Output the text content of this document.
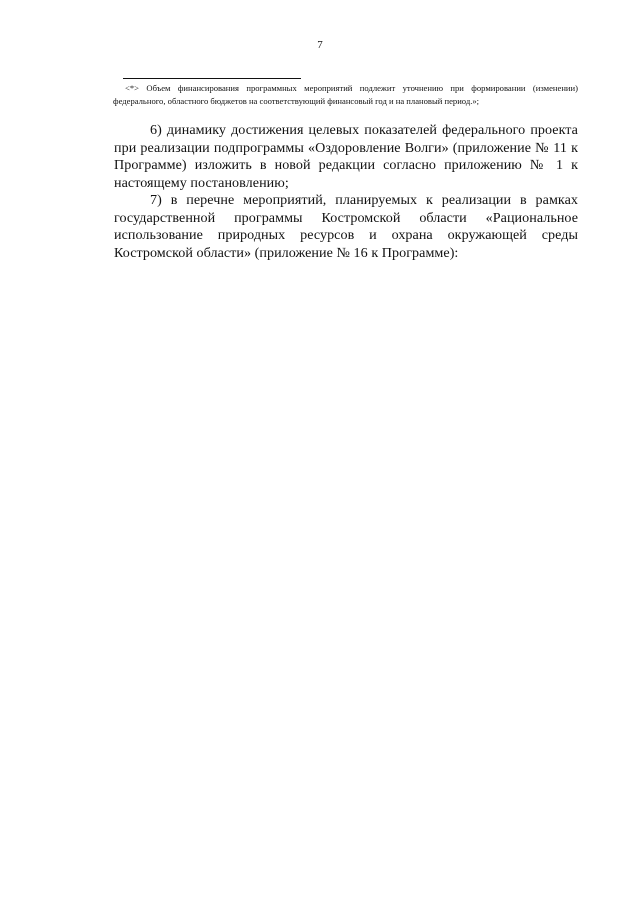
7
<*> Объем финансирования программных мероприятий подлежит уточнению при формировании (изменении) федерального, областного бюджетов на соответствующий финансовый год и на плановый период.»;
6) динамику достижения целевых показателей федерального проекта при реализации подпрограммы «Оздоровление Волги» (приложение № 11 к Программе) изложить в новой редакции согласно приложению № 1 к настоящему постановлению;
7) в перечне мероприятий, планируемых к реализации в рамках государственной программы Костромской области «Рациональное использование природных ресурсов и охрана окружающей среды Костромской области» (приложение № 16 к Программе):
